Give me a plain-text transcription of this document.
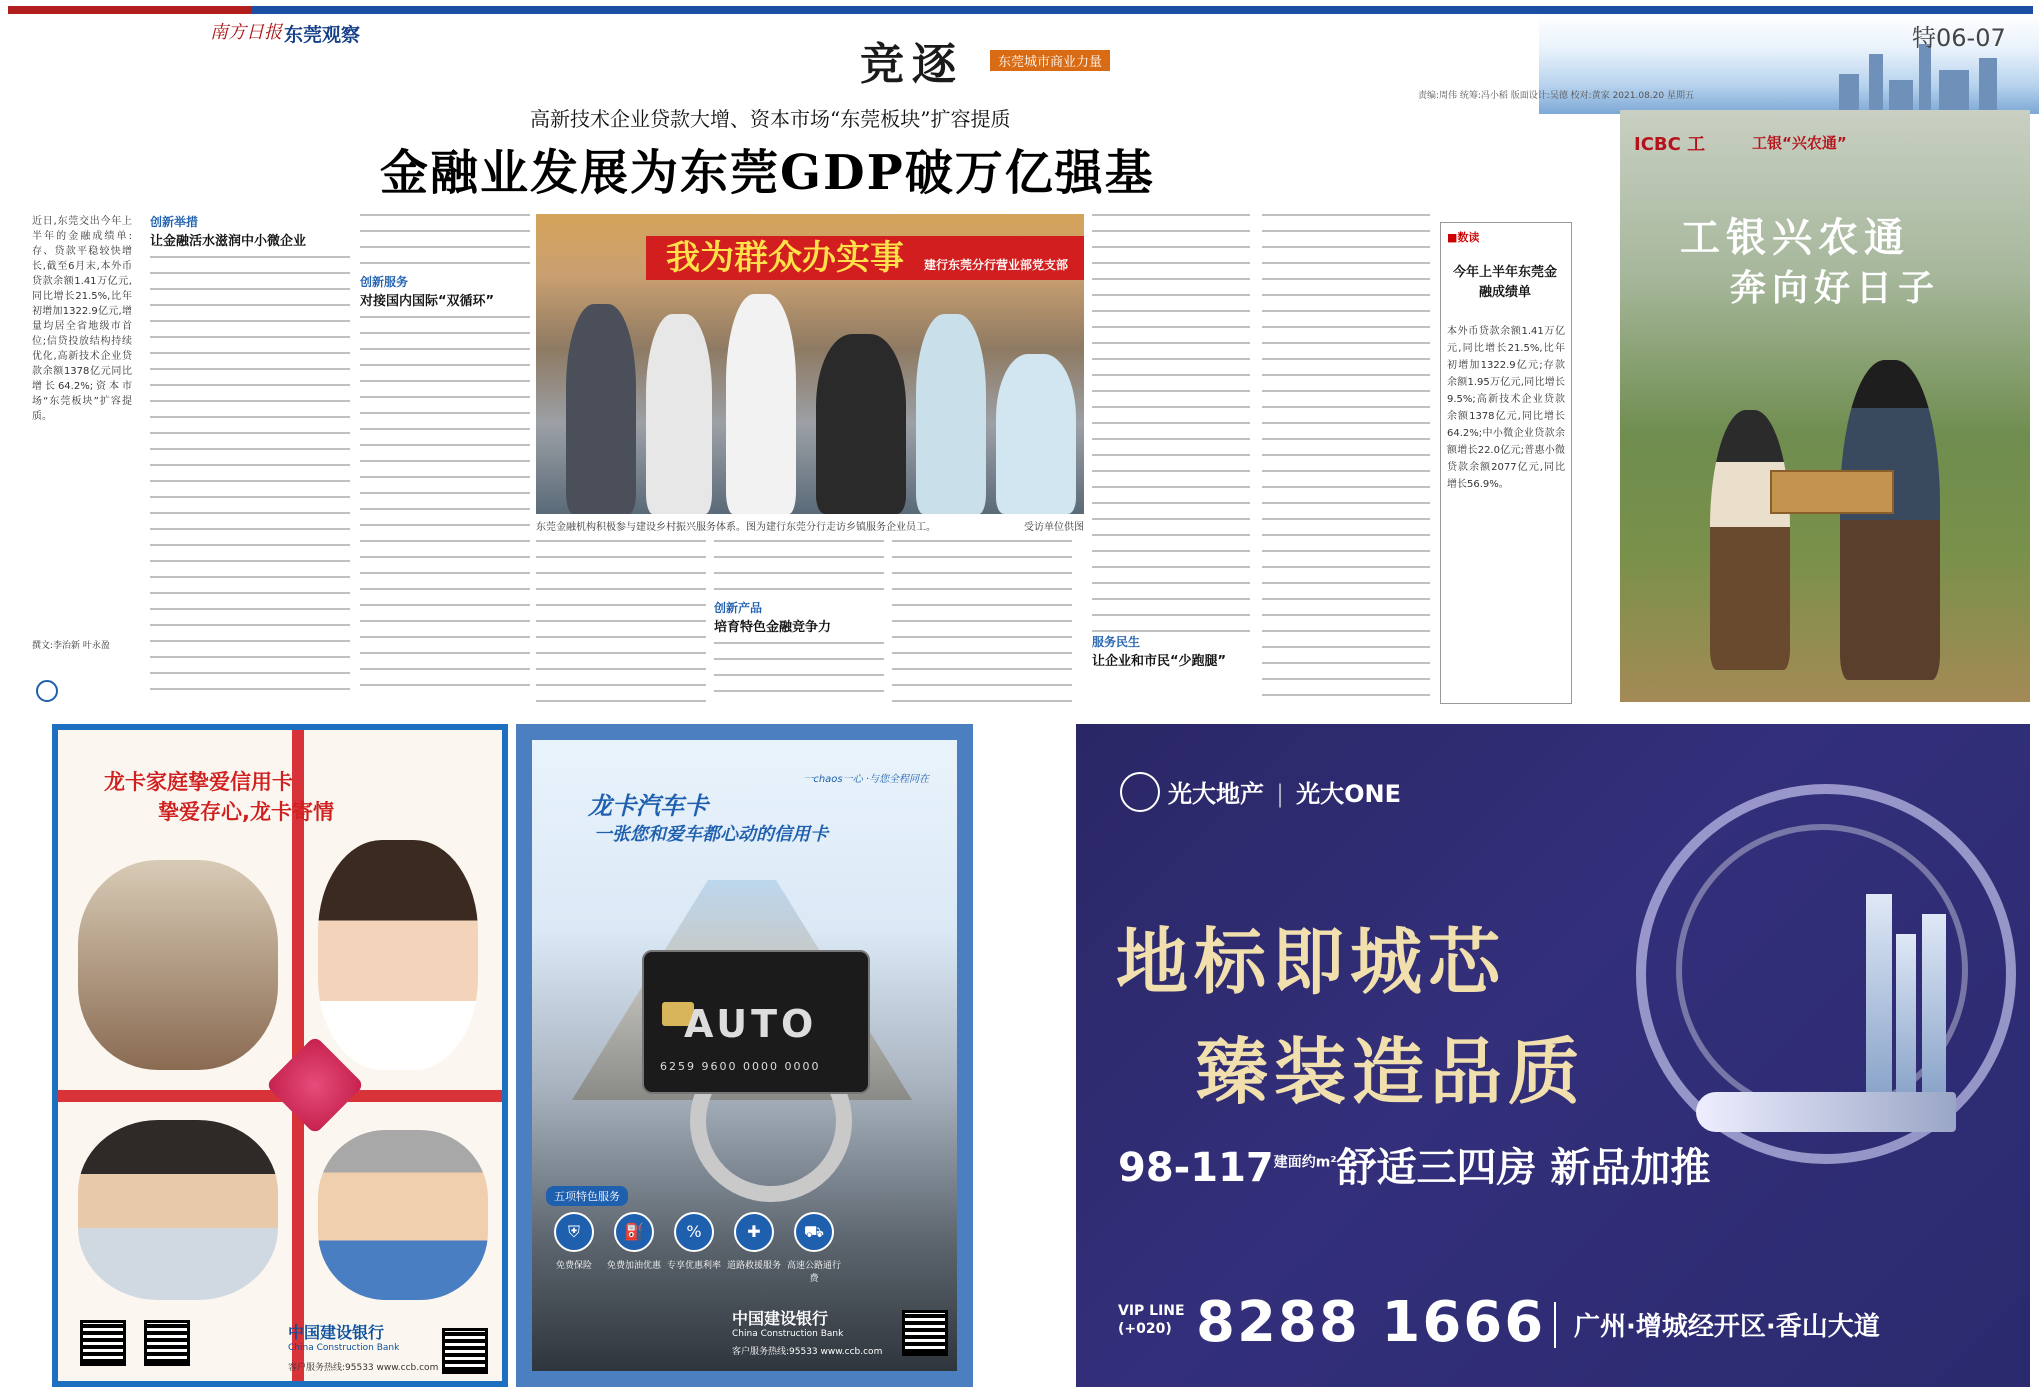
南方日报 东莞观察
竞逐	东莞城市商业力量
特06-07
责编:周伟 统筹:冯小稻 版面设计:吴德 校对:黄家 2021.08.20 星期五
高新技术企业贷款大增、资本市场“东莞板块”扩容提质
金融业发展为东莞GDP破万亿强基
近日,东莞交出今年上半年的金融成绩单:存、贷款平稳较快增长,截至6月末,本外币贷款余额1.41万亿元,同比增长21.5%,比年初增加1322.9亿元,增量均居全省地级市首位;信贷投放结构持续优化,高新技术企业贷款余额1378亿元同比增长64.2%;资本市场“东莞板块”扩容提质。
撰文:李治新 叶永盈
创新举措
让金融活水滋润中小微企业
创新服务
对接国内国际“双循环”
我为群众办实事 建行东莞分行营业部党支部
东莞金融机构积极参与建设乡村振兴服务体系。图为建行东莞分行走访乡镇服务企业员工。	受访单位供图
创新产品
培育特色金融竞争力
服务民生
让企业和市民“少跑腿”
■数读
今年上半年东莞金融成绩单
本外币贷款余额1.41万亿元,同比增长21.5%,比年初增加1322.9亿元;存款余额1.95万亿元,同比增长9.5%;高新技术企业贷款余额1378亿元,同比增长64.2%;中小微企业贷款余额增长22.0亿元;普惠小微贷款余额2077亿元,同比增长56.9%。
ICBC 工	工银“兴农通”
工银兴农通
奔向好日子
龙卡家庭挚爱信用卡
挚爱存心,龙卡寄情
中国建设银行
China Construction Bank
客户服务热线:95533 www.ccb.com
一chaos一心 ·与您全程同在
龙卡汽车卡
一张您和爱车都心动的信用卡
AUTO
6259 9600 0000 0000
五项特色服务
⛨
免费保险
⛽
免费加油优惠
%
专享优惠利率
✚
道路救援服务
⛟
高速公路通行费
中国建设银行
China Construction Bank
客户服务热线:95533 www.ccb.com
光大地产 | 光大ONE
地标即城芯
臻装造品质
$98-117^{建面约m^2}$舒适三四房 新品加推
VIP LINE
(+020) 8288 1666 广州·增城经开区·香山大道
